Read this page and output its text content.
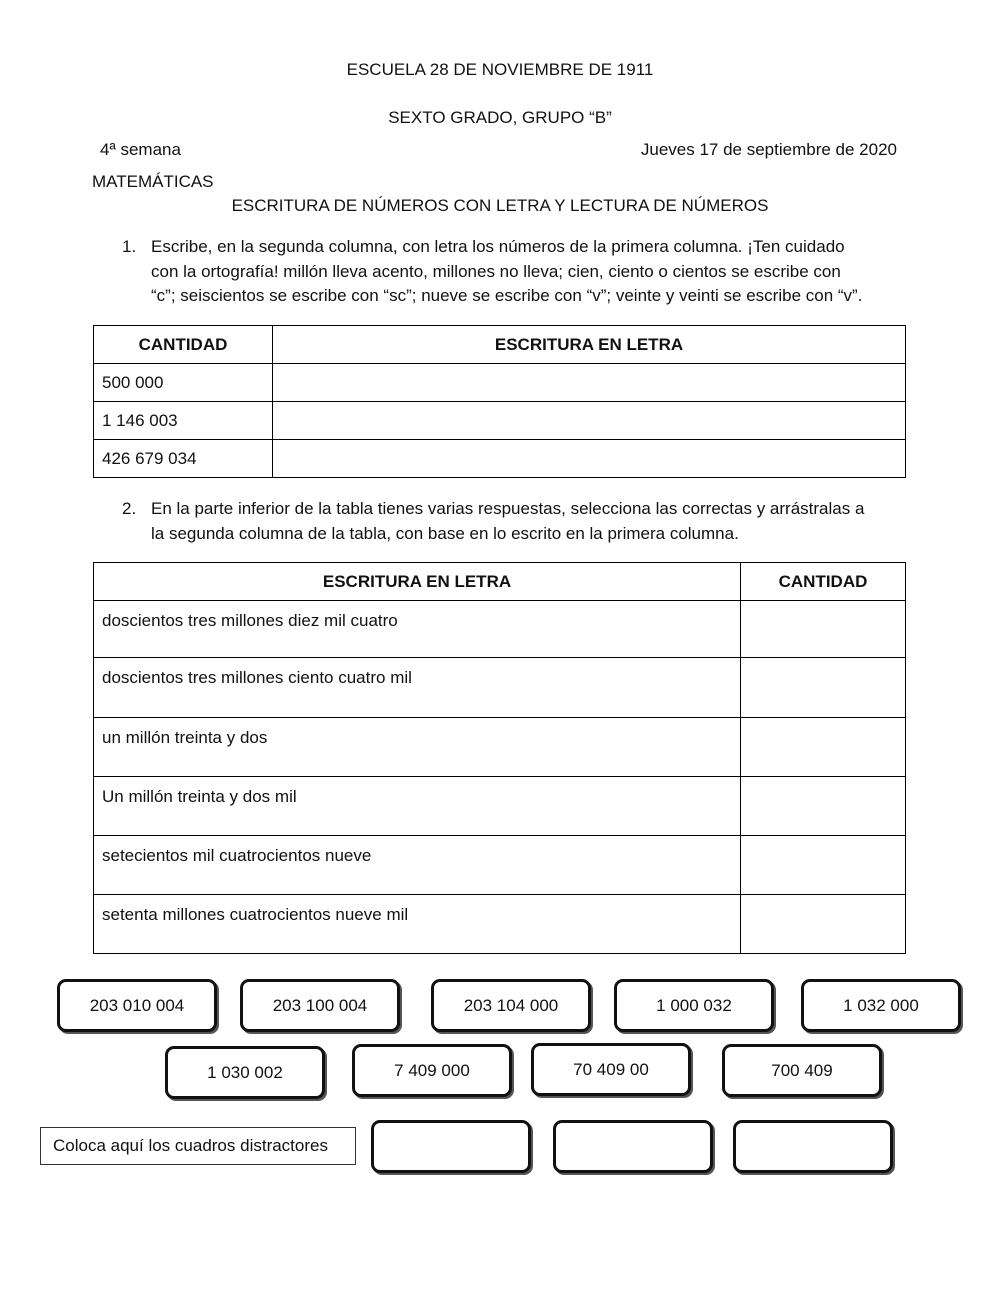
ESCUELA 28 DE NOVIEMBRE DE 1911
SEXTO GRADO, GRUPO “B”
4ª semana	Jueves 17 de septiembre de 2020
MATEMÁTICAS
ESCRITURA DE NÚMEROS CON LETRA Y LECTURA DE NÚMEROS
1. Escribe, en la segunda columna, con letra los números de la primera columna. ¡Ten cuidado
con la ortografía! millón lleva acento, millones no lleva; cien, ciento o cientos se escribe con
“c”; seiscientos se escribe con “sc”; nueve se escribe con “v”; veinte y veinti se escribe con “v”.
CANTIDAD	ESCRITURA EN LETRA
500 000	
1 146 003	
426 679 034	
2. En la parte inferior de la tabla tienes varias respuestas, selecciona las correctas y arrástralas a
la segunda columna de la tabla, con base en lo escrito en la primera columna.
ESCRITURA EN LETRA	CANTIDAD
doscientos tres millones diez mil cuatro	
doscientos tres millones ciento cuatro mil	
un millón treinta y dos	
Un millón treinta y dos mil	
setecientos mil cuatrocientos nueve	
setenta millones cuatrocientos nueve mil	
203 010 004	203 100 004	203 104 000	1 000 032	1 032 000
1 030 002	7 409 000	70 409 00	700 409
Coloca aquí los cuadros distractores
